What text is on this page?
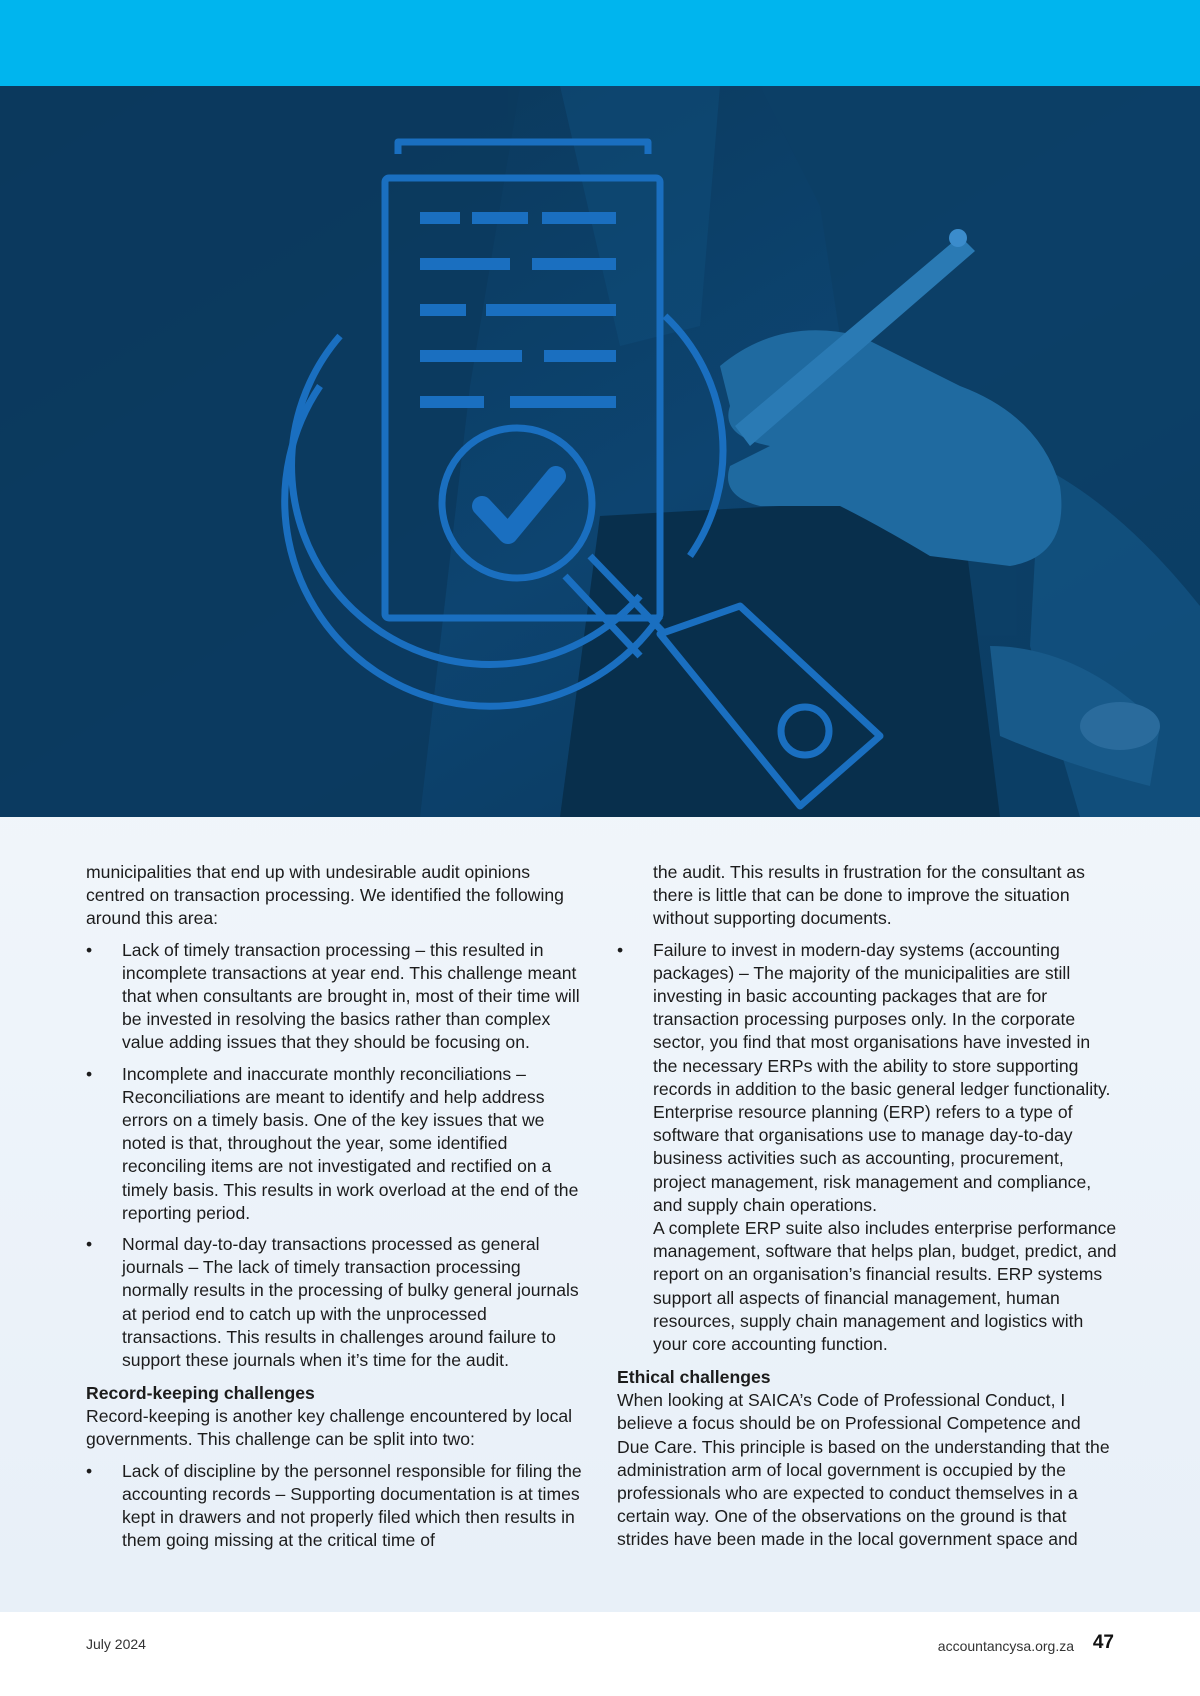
municipalities that end up with undesirable audit opinions centred on transaction processing. We identified the following around this area:

• Lack of timely transaction processing – this resulted in incomplete transactions at year end. This challenge meant that when consultants are brought in, most of their time will be invested in resolving the basics rather than complex value adding issues that they should be focusing on.
• Incomplete and inaccurate monthly reconciliations – Reconciliations are meant to identify and help address errors on a timely basis. One of the key issues that we noted is that, throughout the year, some identified reconciling items are not investigated and rectified on a timely basis. This results in work overload at the end of the reporting period.
• Normal day-to-day transactions processed as general journals – The lack of timely transaction processing normally results in the processing of bulky general journals at period end to catch up with the unprocessed transactions. This results in challenges around failure to support these journals when it’s time for the audit.
Record-keeping challenges

Record-keeping is another key challenge encountered by local governments. This challenge can be split into two:

• Lack of discipline by the personnel responsible for filing the accounting records – Supporting documentation is at times kept in drawers and not properly filed which then results in them going missing at the critical time of

the audit. This results in frustration for the consultant as there is little that can be done to improve the situation without supporting documents.

• Failure to invest in modern-day systems (accounting packages) – The majority of the municipalities are still investing in basic accounting packages that are for transaction processing purposes only. In the corporate sector, you find that most organisations have invested in the necessary ERPs with the ability to store supporting records in addition to the basic general ledger functionality. Enterprise resource planning (ERP) refers to a type of software that organisations use to manage day-to-day business activities such as accounting, procurement, project management, risk management and compliance, and supply chain operations.

A complete ERP suite also includes enterprise performance management, software that helps plan, budget, predict, and report on an organisation’s financial results. ERP systems support all aspects of financial management, human resources, supply chain management and logistics with your core accounting function.

Ethical challenges

When looking at SAICA’s Code of Professional Conduct, I believe a focus should be on Professional Competence and Due Care. This principle is based on the understanding that the administration arm of local government is occupied by the professionals who are expected to conduct themselves in a certain way. One of the observations on the ground is that strides have been made in the local government space and

July 2024	accountancysa.org.za 47
